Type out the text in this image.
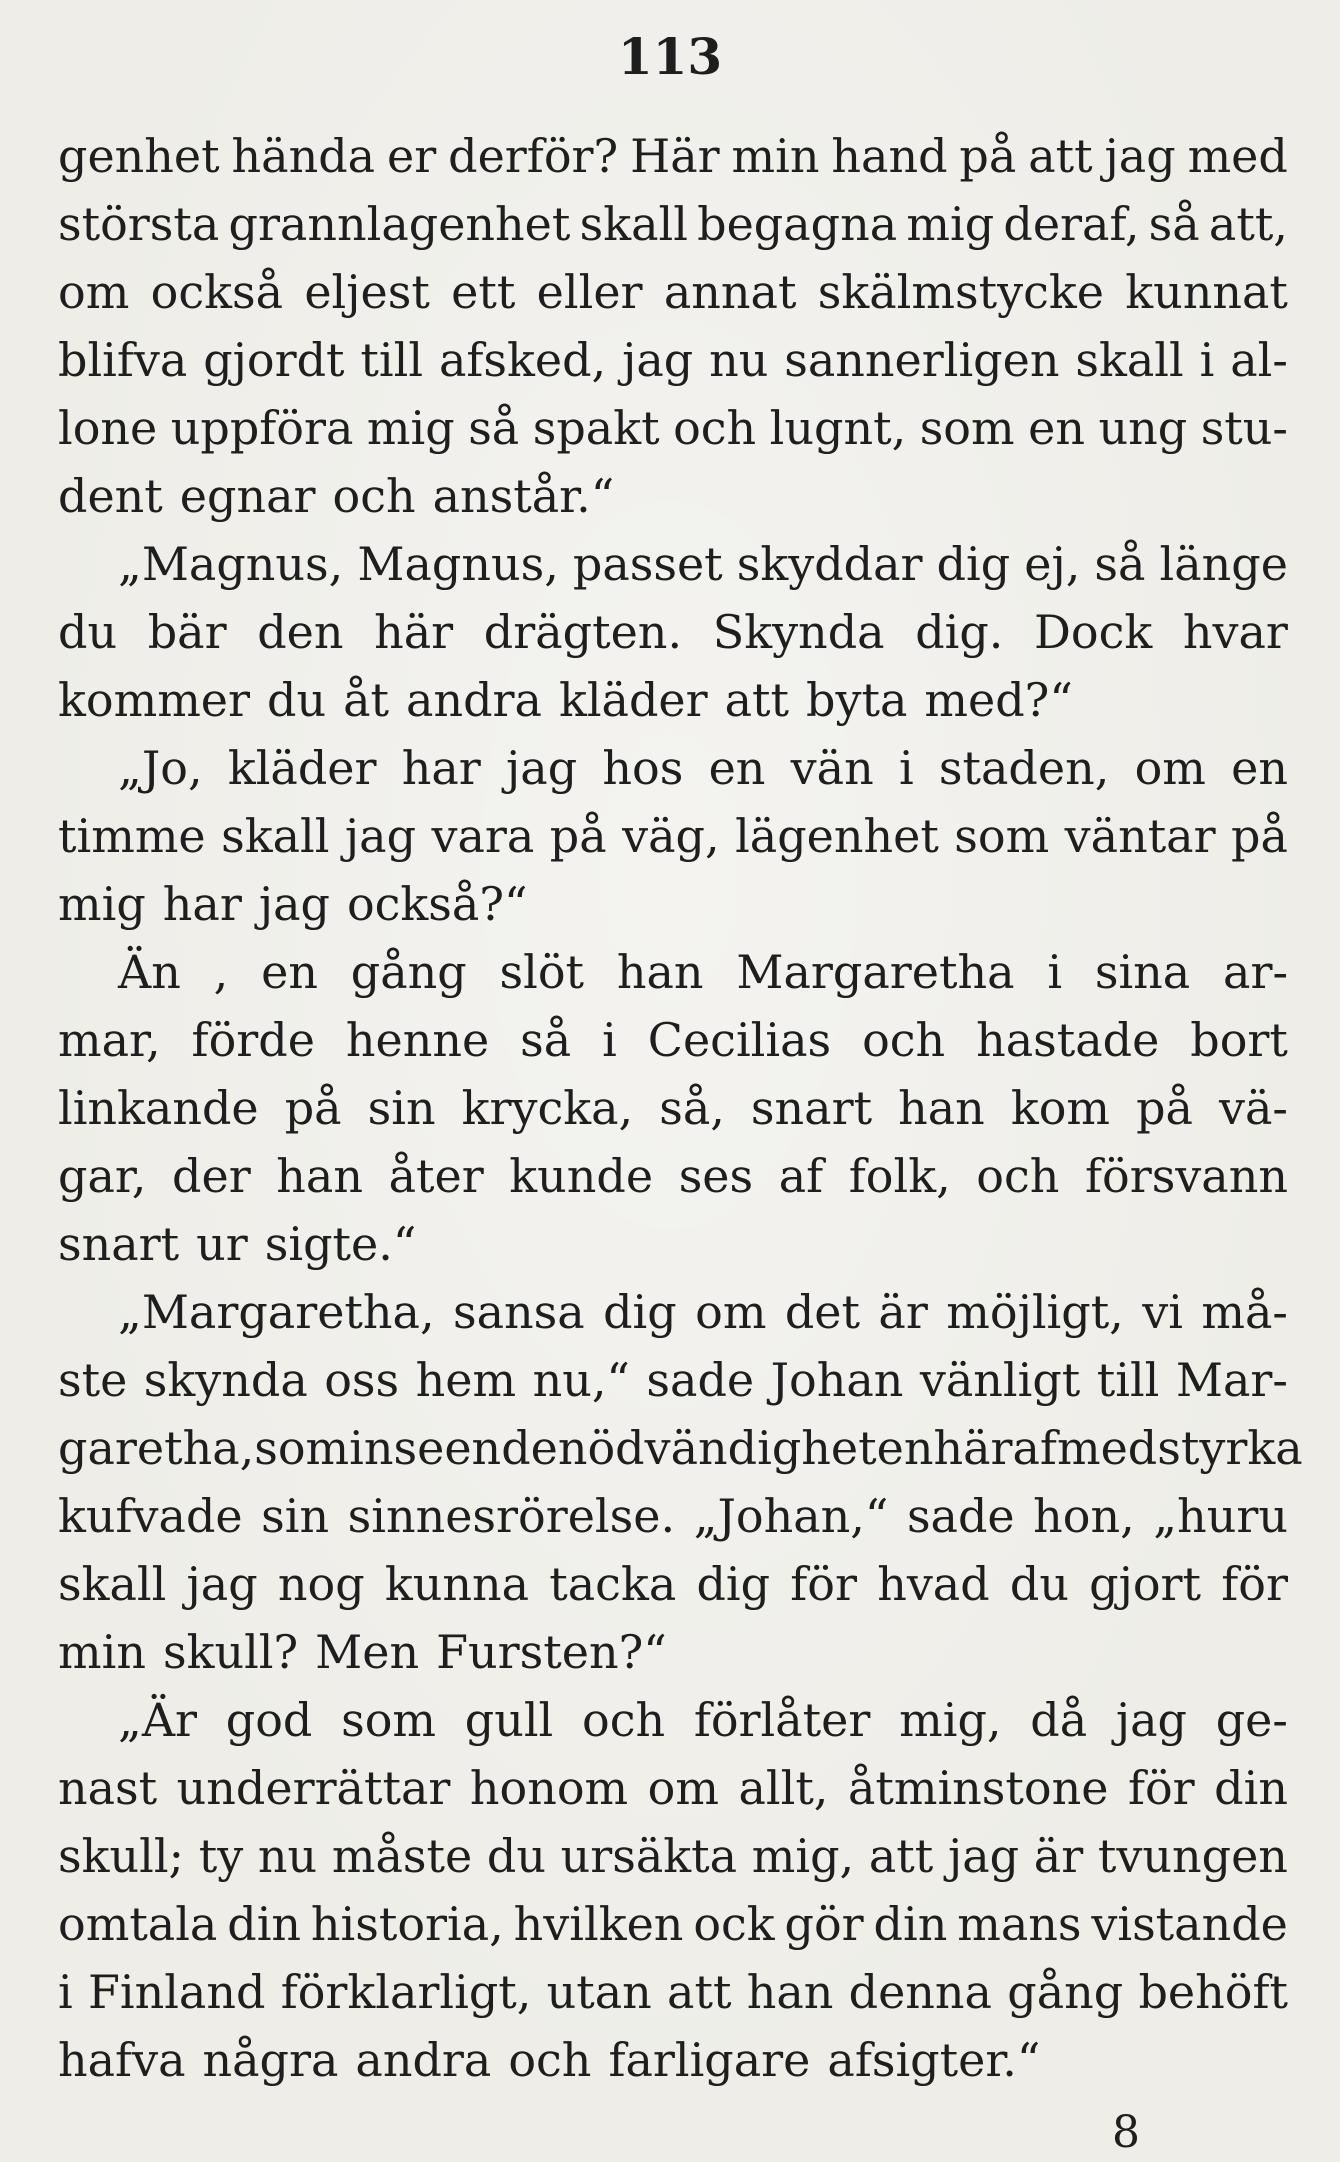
113
genhet hända er derför? Här min hand på att jag med
största grannlagenhet skall begagna mig deraf, så att,
om också eljest ett eller annat skälmstycke kunnat
blifva gjordt till afsked, jag nu sannerligen skall i al-
lone uppföra mig så spakt och lugnt, som en ung stu-
dent egnar och anstår.“
„Magnus, Magnus, passet skyddar dig ej, så länge
du bär den här drägten. Skynda dig. Dock hvar
kommer du åt andra kläder att byta med?“
„Jo, kläder har jag hos en vän i staden, om en
timme skall jag vara på väg, lägenhet som väntar på
mig har jag också?“
Än , en gång slöt han Margaretha i sina ar-
mar, förde henne så i Cecilias och hastade bort
linkande på sin krycka, så, snart han kom på vä-
gar, der han åter kunde ses af folk, och försvann
snart ur sigte.“
„Margaretha, sansa dig om det är möjligt, vi må-
ste skynda oss hem nu,“ sade Johan vänligt till Mar-
garetha, som inseende nödvändigheten häraf med styrka
kufvade sin sinnesrörelse. „Johan,“ sade hon, „huru
skall jag nog kunna tacka dig för hvad du gjort för
min skull? Men Fursten?“
„Är god som gull och förlåter mig, då jag ge-
nast underrättar honom om allt, åtminstone för din
skull; ty nu måste du ursäkta mig, att jag är tvungen
omtala din historia, hvilken ock gör din mans vistande
i Finland förklarligt, utan att han denna gång behöft
hafva några andra och farligare afsigter.“
8
